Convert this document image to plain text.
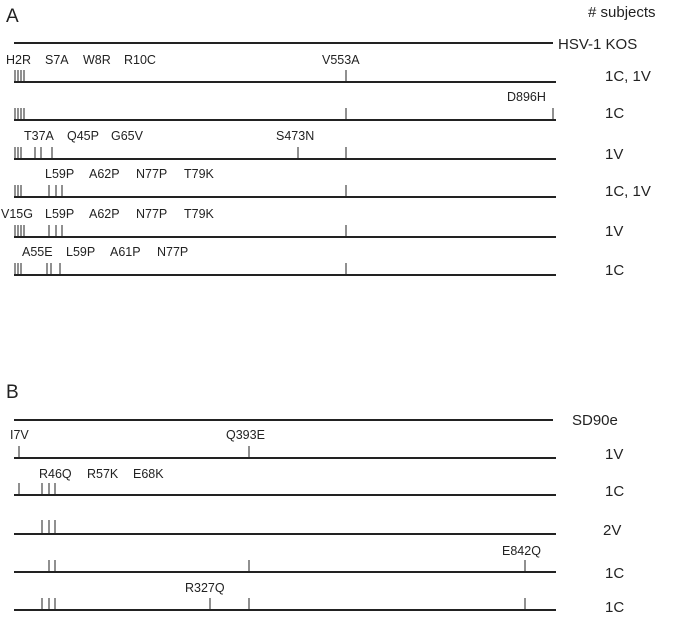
A	# subjects
HSV-1 KOS
H2R S7A W8R R10C	V553A
1C, 1V
D896H
1C
T37A Q45P G65V	S473N
1V
L59P A62P N77P T79K
1C, 1V
V15G L59P A62P N77P T79K
1V
A55E L59P A61P N77P
1C
B
SD90e
I7V	Q393E
1V
R46Q R57K E68K
1C
2V
E842Q
1C
R327Q
1C
